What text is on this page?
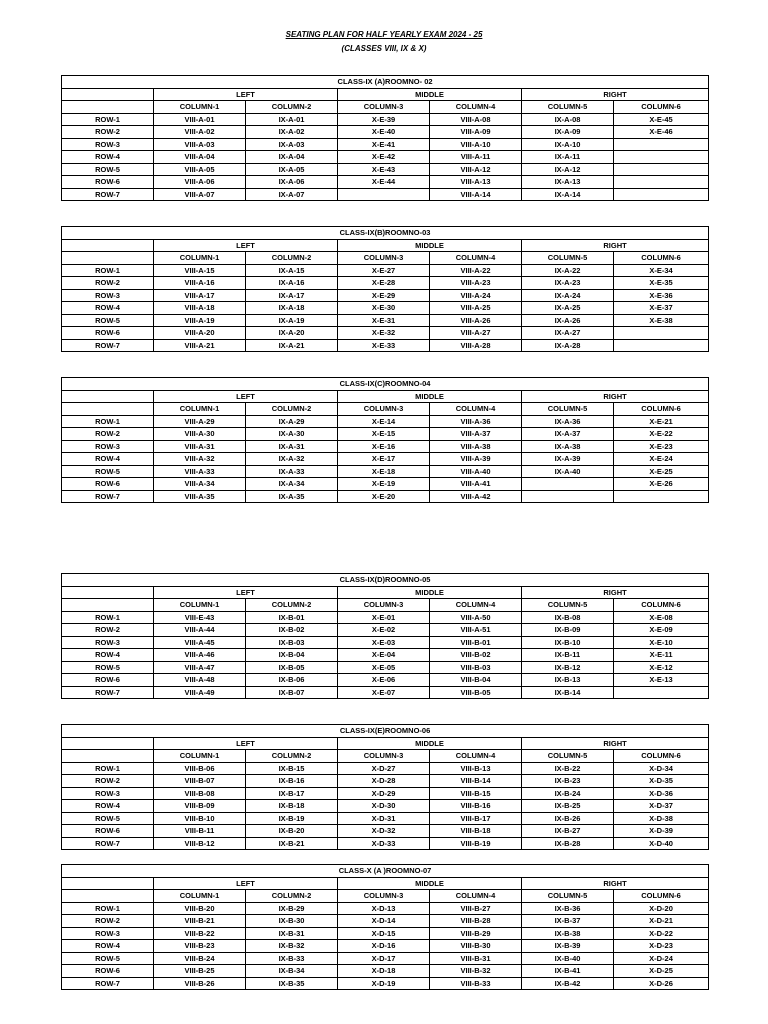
SEATING PLAN FOR HALF YEARLY EXAM 2024 - 25
(CLASSES VIII, IX & X)
CLASS-IX (A)ROOMNO- 02						
	LEFT		MIDDLE		RIGHT	
	COLUMN-1	COLUMN-2	COLUMN-3	COLUMN-4	COLUMN-5	COLUMN-6
ROW-1	VIII-A-01	IX-A-01	X-E-39	VIII-A-08	IX-A-08	X-E-45
ROW-2	VIII-A-02	IX-A-02	X-E-40	VIII-A-09	IX-A-09	X-E-46
ROW-3	VIII-A-03	IX-A-03	X-E-41	VIII-A-10	IX-A-10	
ROW-4	VIII-A-04	IX-A-04	X-E-42	VIII-A-11	IX-A-11	
ROW-5	VIII-A-05	IX-A-05	X-E-43	VIII-A-12	IX-A-12	
ROW-6	VIII-A-06	IX-A-06	X-E-44	VIII-A-13	IX-A-13	
ROW-7	VIII-A-07	IX-A-07		VIII-A-14	IX-A-14	
CLASS-IX(B)ROOMNO-03						
	LEFT		MIDDLE		RIGHT	
	COLUMN-1	COLUMN-2	COLUMN-3	COLUMN-4	COLUMN-5	COLUMN-6
ROW-1	VIII-A-15	IX-A-15	X-E-27	VIII-A-22	IX-A-22	X-E-34
ROW-2	VIII-A-16	IX-A-16	X-E-28	VIII-A-23	IX-A-23	X-E-35
ROW-3	VIII-A-17	IX-A-17	X-E-29	VIII-A-24	IX-A-24	X-E-36
ROW-4	VIII-A-18	IX-A-18	X-E-30	VIII-A-25	IX-A-25	X-E-37
ROW-5	VIII-A-19	IX-A-19	X-E-31	VIII-A-26	IX-A-26	X-E-38
ROW-6	VIII-A-20	IX-A-20	X-E-32	VIII-A-27	IX-A-27	
ROW-7	VIII-A-21	IX-A-21	X-E-33	VIII-A-28	IX-A-28	
CLASS-IX(C)ROOMNO-04						
	LEFT		MIDDLE		RIGHT	
	COLUMN-1	COLUMN-2	COLUMN-3	COLUMN-4	COLUMN-5	COLUMN-6
ROW-1	VIII-A-29	IX-A-29	X-E-14	VIII-A-36	IX-A-36	X-E-21
ROW-2	VIII-A-30	IX-A-30	X-E-15	VIII-A-37	IX-A-37	X-E-22
ROW-3	VIII-A-31	IX-A-31	X-E-16	VIII-A-38	IX-A-38	X-E-23
ROW-4	VIII-A-32	IX-A-32	X-E-17	VIII-A-39	IX-A-39	X-E-24
ROW-5	VIII-A-33	IX-A-33	X-E-18	VIII-A-40	IX-A-40	X-E-25
ROW-6	VIII-A-34	IX-A-34	X-E-19	VIII-A-41		X-E-26
ROW-7	VIII-A-35	IX-A-35	X-E-20	VIII-A-42		
CLASS-IX(D)ROOMNO-05						
	LEFT		MIDDLE		RIGHT	
	COLUMN-1	COLUMN-2	COLUMN-3	COLUMN-4	COLUMN-5	COLUMN-6
ROW-1	VIII-E-43	IX-B-01	X-E-01	VIII-A-50	IX-B-08	X-E-08
ROW-2	VIII-A-44	IX-B-02	X-E-02	VIII-A-51	IX-B-09	X-E-09
ROW-3	VIII-A-45	IX-B-03	X-E-03	VIII-B-01	IX-B-10	X-E-10
ROW-4	VIII-A-46	IX-B-04	X-E-04	VIII-B-02	IX-B-11	X-E-11
ROW-5	VIII-A-47	IX-B-05	X-E-05	VIII-B-03	IX-B-12	X-E-12
ROW-6	VIII-A-48	IX-B-06	X-E-06	VIII-B-04	IX-B-13	X-E-13
ROW-7	VIII-A-49	IX-B-07	X-E-07	VIII-B-05	IX-B-14	
CLASS-IX(E)ROOMNO-06						
	LEFT		MIDDLE		RIGHT	
	COLUMN-1	COLUMN-2	COLUMN-3	COLUMN-4	COLUMN-5	COLUMN-6
ROW-1	VIII-B-06	IX-B-15	X-D-27	VIII-B-13	IX-B-22	X-D-34
ROW-2	VIII-B-07	IX-B-16	X-D-28	VIII-B-14	IX-B-23	X-D-35
ROW-3	VIII-B-08	IX-B-17	X-D-29	VIII-B-15	IX-B-24	X-D-36
ROW-4	VIII-B-09	IX-B-18	X-D-30	VIII-B-16	IX-B-25	X-D-37
ROW-5	VIII-B-10	IX-B-19	X-D-31	VIII-B-17	IX-B-26	X-D-38
ROW-6	VIII-B-11	IX-B-20	X-D-32	VIII-B-18	IX-B-27	X-D-39
ROW-7	VIII-B-12	IX-B-21	X-D-33	VIII-B-19	IX-B-28	X-D-40
CLASS-X (A )ROOMNO-07						
	LEFT		MIDDLE		RIGHT	
	COLUMN-1	COLUMN-2	COLUMN-3	COLUMN-4	COLUMN-5	COLUMN-6
ROW-1	VIII-B-20	IX-B-29	X-D-13	VIII-B-27	IX-B-36	X-D-20
ROW-2	VIII-B-21	IX-B-30	X-D-14	VIII-B-28	IX-B-37	X-D-21
ROW-3	VIII-B-22	IX-B-31	X-D-15	VIII-B-29	IX-B-38	X-D-22
ROW-4	VIII-B-23	IX-B-32	X-D-16	VIII-B-30	IX-B-39	X-D-23
ROW-5	VIII-B-24	IX-B-33	X-D-17	VIII-B-31	IX-B-40	X-D-24
ROW-6	VIII-B-25	IX-B-34	X-D-18	VIII-B-32	IX-B-41	X-D-25
ROW-7	VIII-B-26	IX-B-35	X-D-19	VIII-B-33	IX-B-42	X-D-26
